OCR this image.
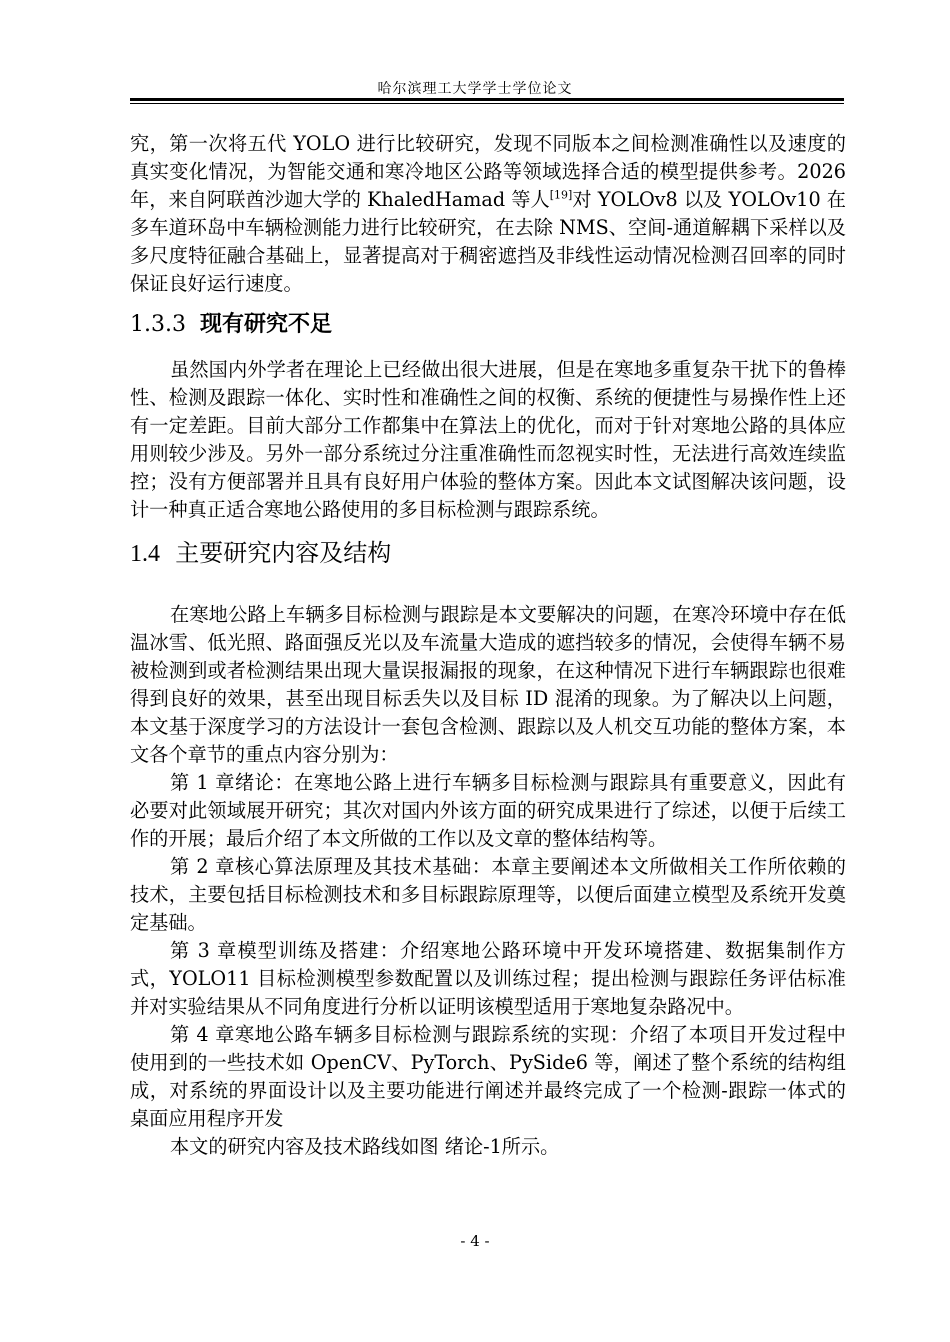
哈尔滨理工大学学士学位论文

究，第一次将五代 YOLO 进行比较研究，发现不同版本之间检测准确性以及速度的真实变化情况，为智能交通和寒冷地区公路等领域选择合适的模型提供参考。2026 年，来自阿联酋沙迦大学的 KhaledHamad 等人[19]对 YOLOv8 以及 YOLOv10 在多车道环岛中车辆检测能力进行比较研究，在去除 NMS、空间-通道解耦下采样以及多尺度特征融合基础上，显著提高对于稠密遮挡及非线性运动情况检测召回率的同时保证良好运行速度。

1.3.3 现有研究不足

虽然国内外学者在理论上已经做出很大进展，但是在寒地多重复杂干扰下的鲁棒性、检测及跟踪一体化、实时性和准确性之间的权衡、系统的便捷性与易操作性上还有一定差距。目前大部分工作都集中在算法上的优化，而对于针对寒地公路的具体应用则较少涉及。另外一部分系统过分注重准确性而忽视实时性，无法进行高效连续监控；没有方便部署并且具有良好用户体验的整体方案。因此本文试图解决该问题，设计一种真正适合寒地公路使用的多目标检测与跟踪系统。

1.4 主要研究内容及结构

在寒地公路上车辆多目标检测与跟踪是本文要解决的问题，在寒冷环境中存在低温冰雪、低光照、路面强反光以及车流量大造成的遮挡较多的情况，会使得车辆不易被检测到或者检测结果出现大量误报漏报的现象，在这种情况下进行车辆跟踪也很难得到良好的效果，甚至出现目标丢失以及目标 ID 混淆的现象。为了解决以上问题，本文基于深度学习的方法设计一套包含检测、跟踪以及人机交互功能的整体方案，本文各个章节的重点内容分别为：

第 1 章绪论：在寒地公路上进行车辆多目标检测与跟踪具有重要意义，因此有必要对此领域展开研究；其次对国内外该方面的研究成果进行了综述，以便于后续工作的开展；最后介绍了本文所做的工作以及文章的整体结构等。

第 2 章核心算法原理及其技术基础：本章主要阐述本文所做相关工作所依赖的技术，主要包括目标检测技术和多目标跟踪原理等，以便后面建立模型及系统开发奠定基础。

第 3 章模型训练及搭建：介绍寒地公路环境中开发环境搭建、数据集制作方式，YOLO11 目标检测模型参数配置以及训练过程；提出检测与跟踪任务评估标准并对实验结果从不同角度进行分析以证明该模型适用于寒地复杂路况中。

第 4 章寒地公路车辆多目标检测与跟踪系统的实现：介绍了本项目开发过程中使用到的一些技术如 OpenCV、PyTorch、PySide6 等，阐述了整个系统的结构组成，对系统的界面设计以及主要功能进行阐述并最终完成了一个检测-跟踪一体式的桌面应用程序开发

本文的研究内容及技术路线如图 绪论-1所示。

- 4 -
